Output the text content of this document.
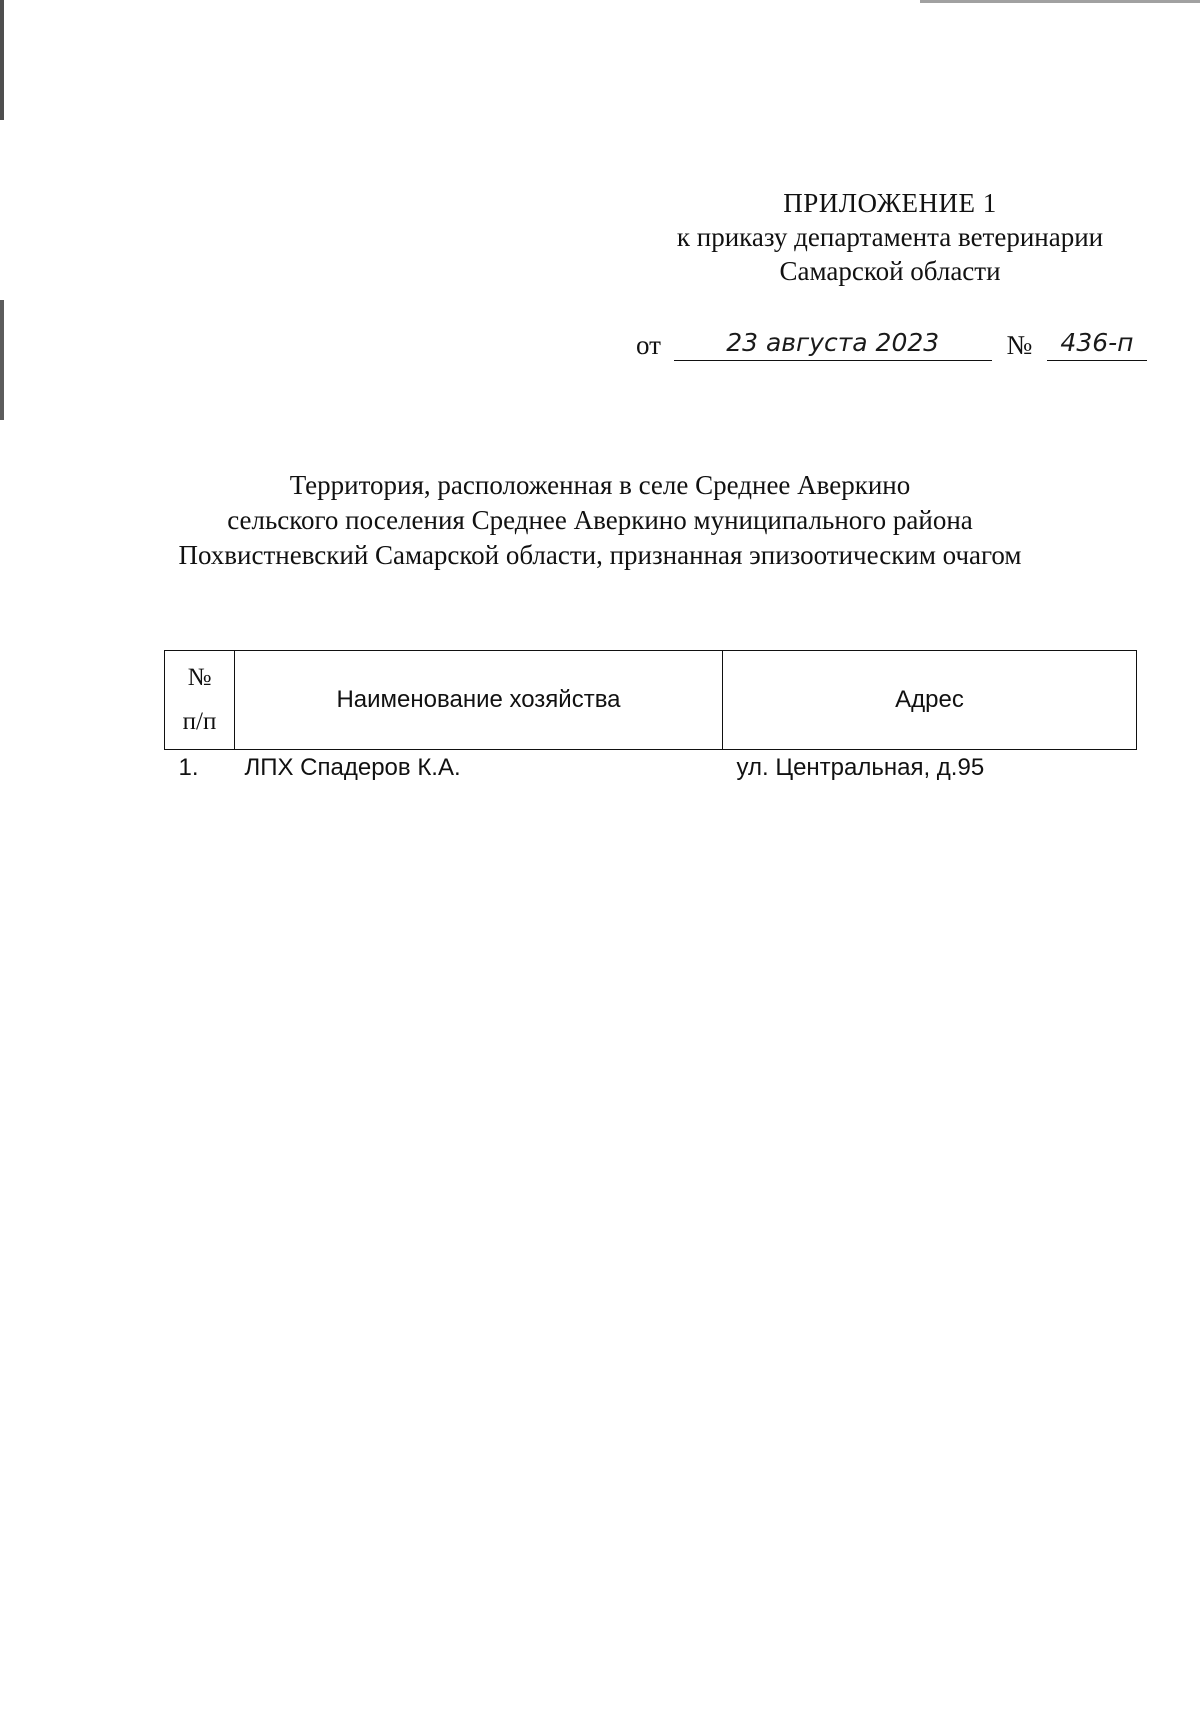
ПРИЛОЖЕНИЕ 1
к приказу департамента ветеринарии
Самарской области
от	23 августа 2023 № 436-п
Территория, расположенная в селе Среднее Аверкино
сельского поселения Среднее Аверкино муниципального района
Похвистневский Самарской области, признанная эпизоотическим очагом
№
п/п	Наименование хозяйства	Адрес
1.	ЛПХ Спадеров К.А.	ул. Центральная, д.95
